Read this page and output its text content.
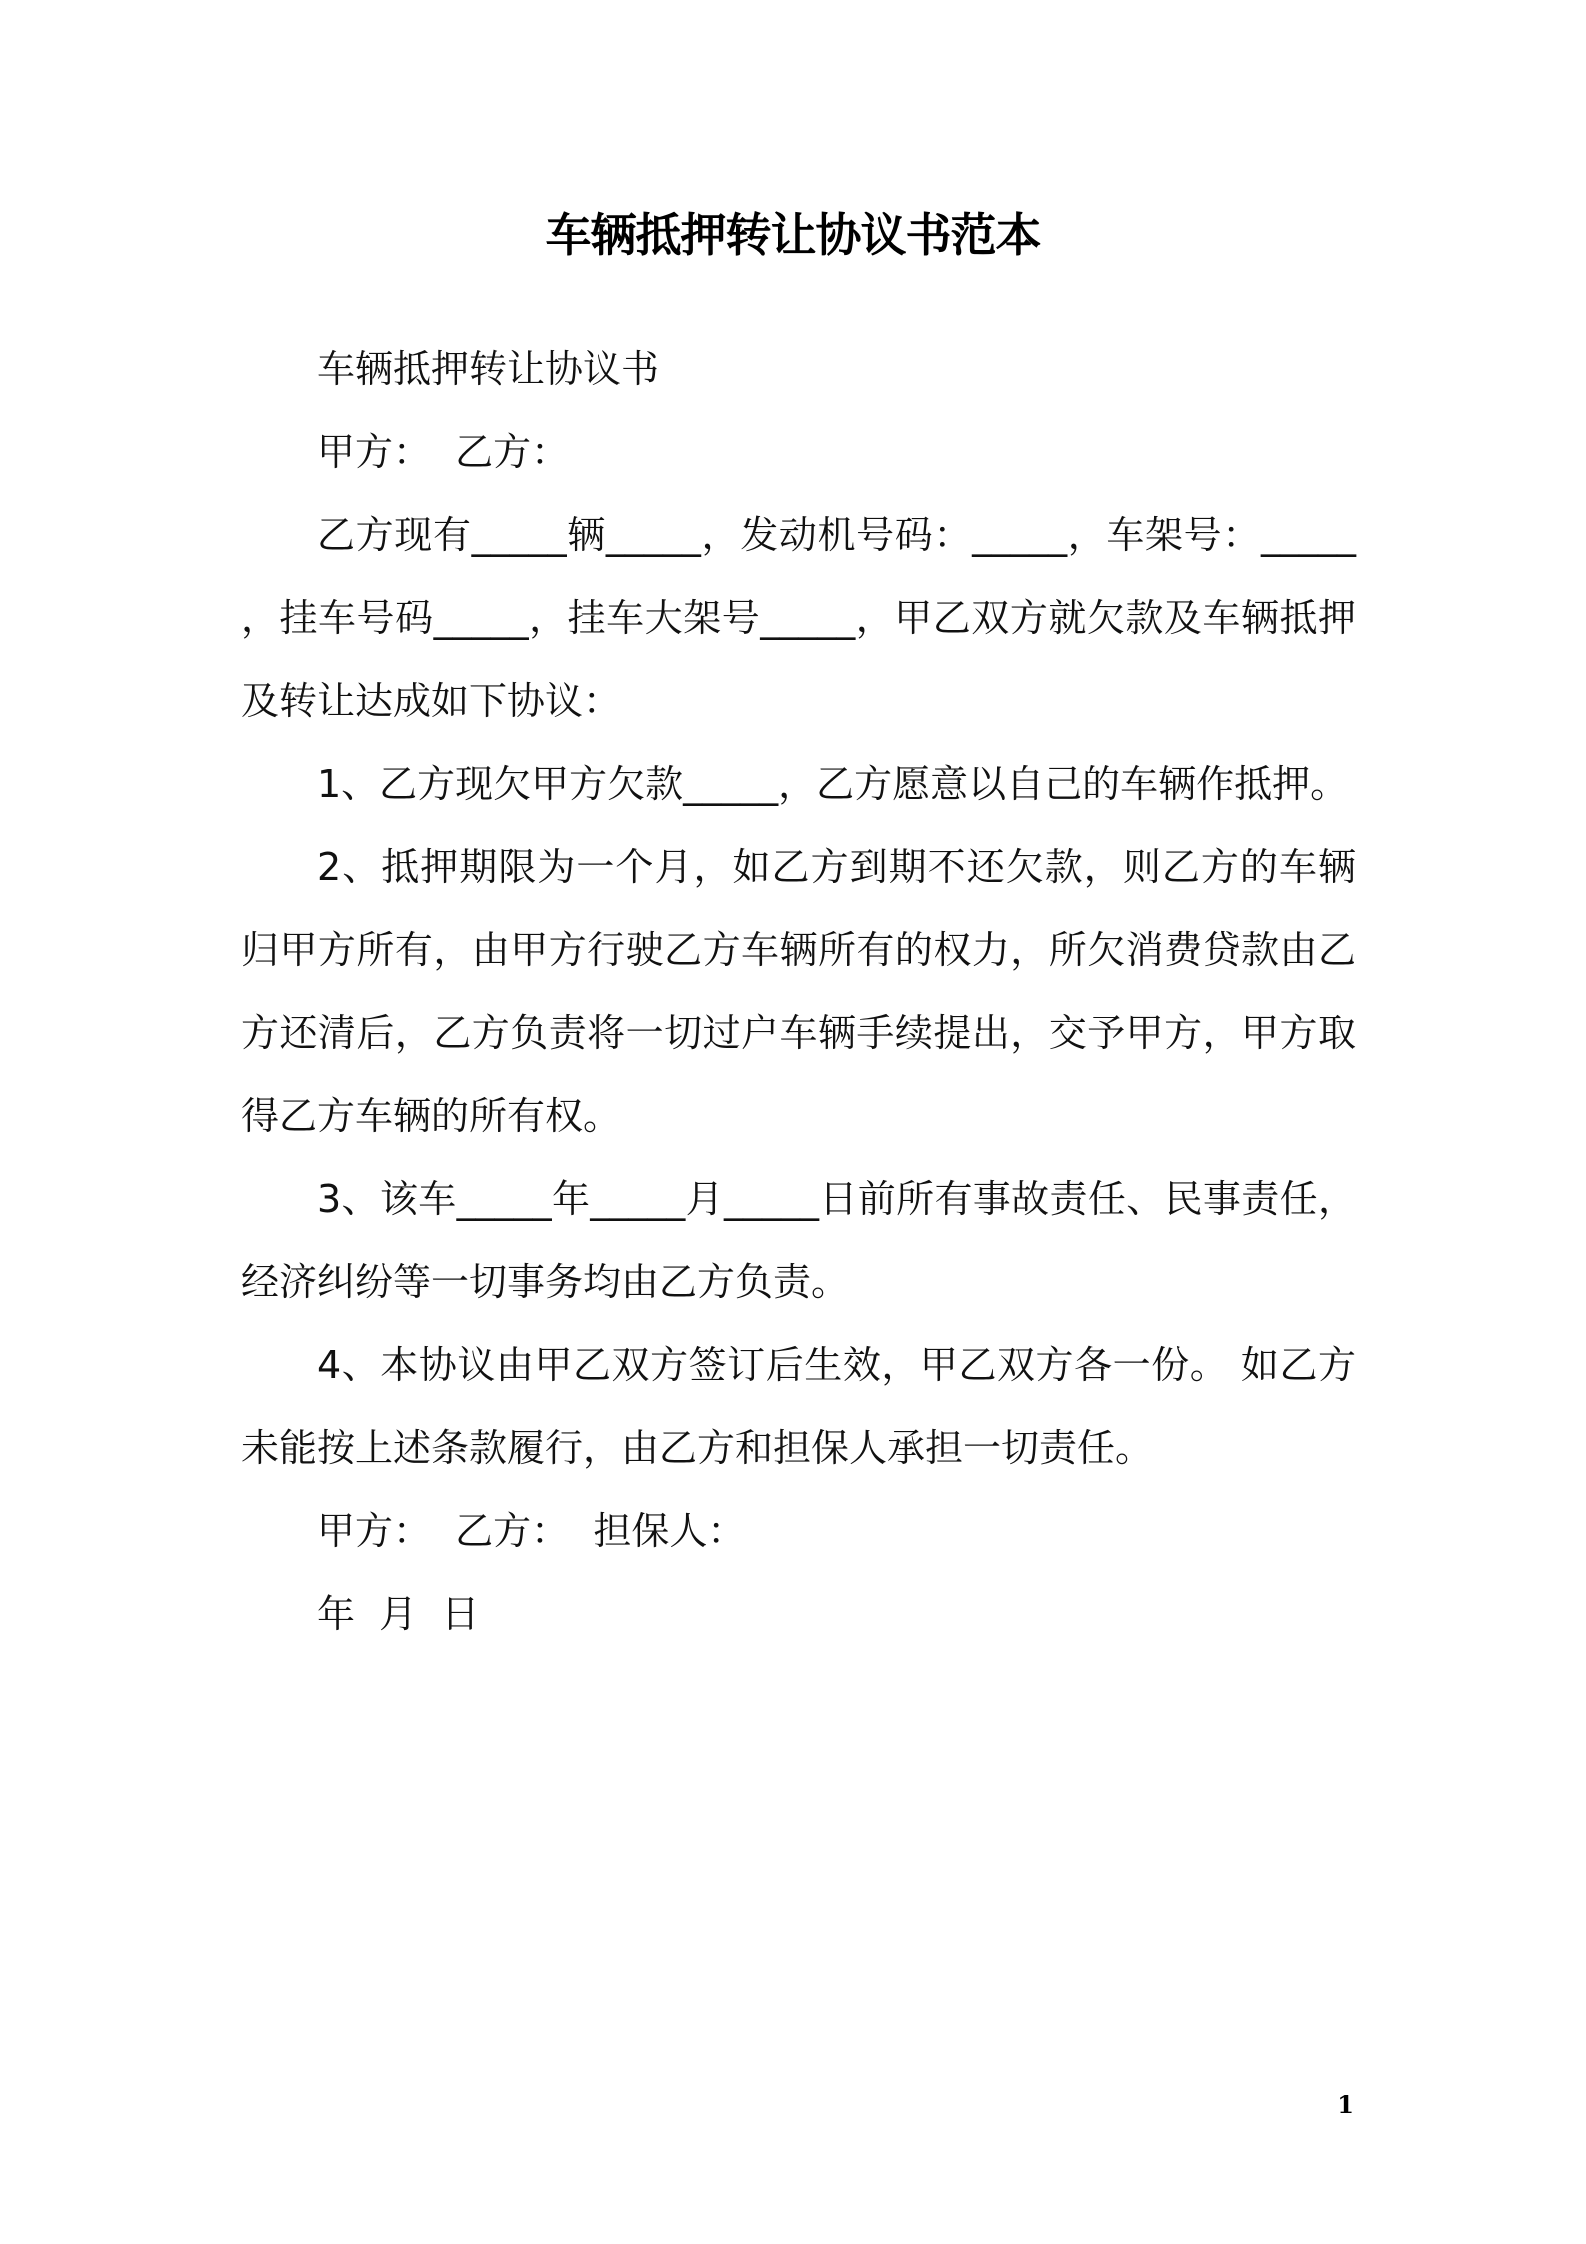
车辆抵押转让协议书范本

车辆抵押转让协议书

甲方：  乙方：

乙方现有_____辆_____，发动机号码：_____，车架号：_____ ，挂车号码_____，挂车大架号_____，甲乙双方就欠款及车辆抵押及转让达成如下协议：

1、乙方现欠甲方欠款_____，乙方愿意以自己的车辆作抵押。

2、抵押期限为一个月，如乙方到期不还欠款，则乙方的车辆归甲方所有，由甲方行驶乙方车辆所有的权力，所欠消费贷款由乙方还清后，乙方负责将一切过户车辆手续提出，交予甲方，甲方取得乙方车辆的所有权。

3、该车_____年_____月_____日前所有事故责任、民事责任，经济纠纷等一切事务均由乙方负责。

4、本协议由甲乙双方签订后生效，甲乙双方各一份。 如乙方未能按上述条款履行，由乙方和担保人承担一切责任。

甲方：  乙方：  担保人：

年  月  日

1
